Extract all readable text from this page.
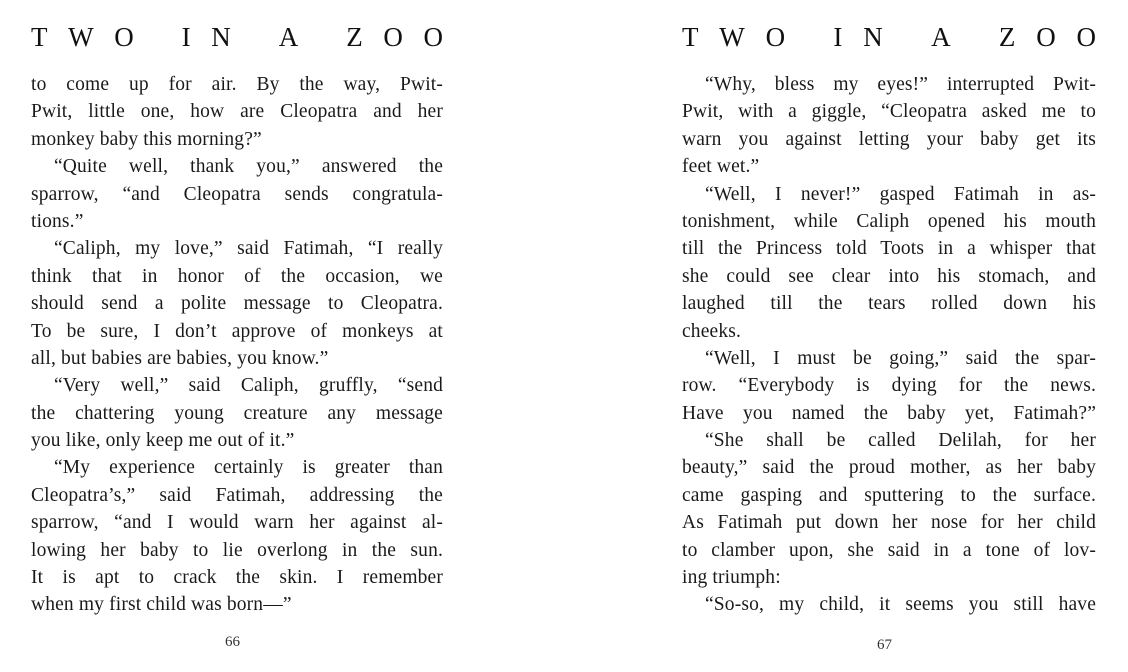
T W O
I N
A
Z O O
to come up for air. By the way, Pwit-
Pwit, little one, how are Cleopatra and her
monkey baby this morning?”
“Quite well, thank you,” answered the
sparrow, “and Cleopatra sends congratula-
tions.”
“Caliph, my love,” said Fatimah, “I really
think that in honor of the occasion, we
should send a polite message to Cleopatra.
To be sure, I don’t approve of monkeys at
all, but babies are babies, you know.”
“Very well,” said Caliph, gruffly, “send
the chattering young creature any message
you like, only keep me out of it.”
“My experience certainly is greater than
Cleopatra’s,” said Fatimah, addressing the
sparrow, “and I would warn her against al-
lowing her baby to lie overlong in the sun.
It is apt to crack the skin. I remember
when my first child was born—”
66
T W O
I N
A
Z O O
“Why, bless my eyes!” interrupted Pwit-
Pwit, with a giggle, “Cleopatra asked me to
warn you against letting your baby get its
feet wet.”
“Well, I never!” gasped Fatimah in as-
tonishment, while Caliph opened his mouth
till the Princess told Toots in a whisper that
she could see clear into his stomach, and
laughed till the tears rolled down his
cheeks.
“Well, I must be going,” said the spar-
row. “Everybody is dying for the news.
Have you named the baby yet, Fatimah?”
“She shall be called Delilah, for her
beauty,” said the proud mother, as her baby
came gasping and sputtering to the surface.
As Fatimah put down her nose for her child
to clamber upon, she said in a tone of lov-
ing triumph:
“So-so, my child, it seems you still have
67
